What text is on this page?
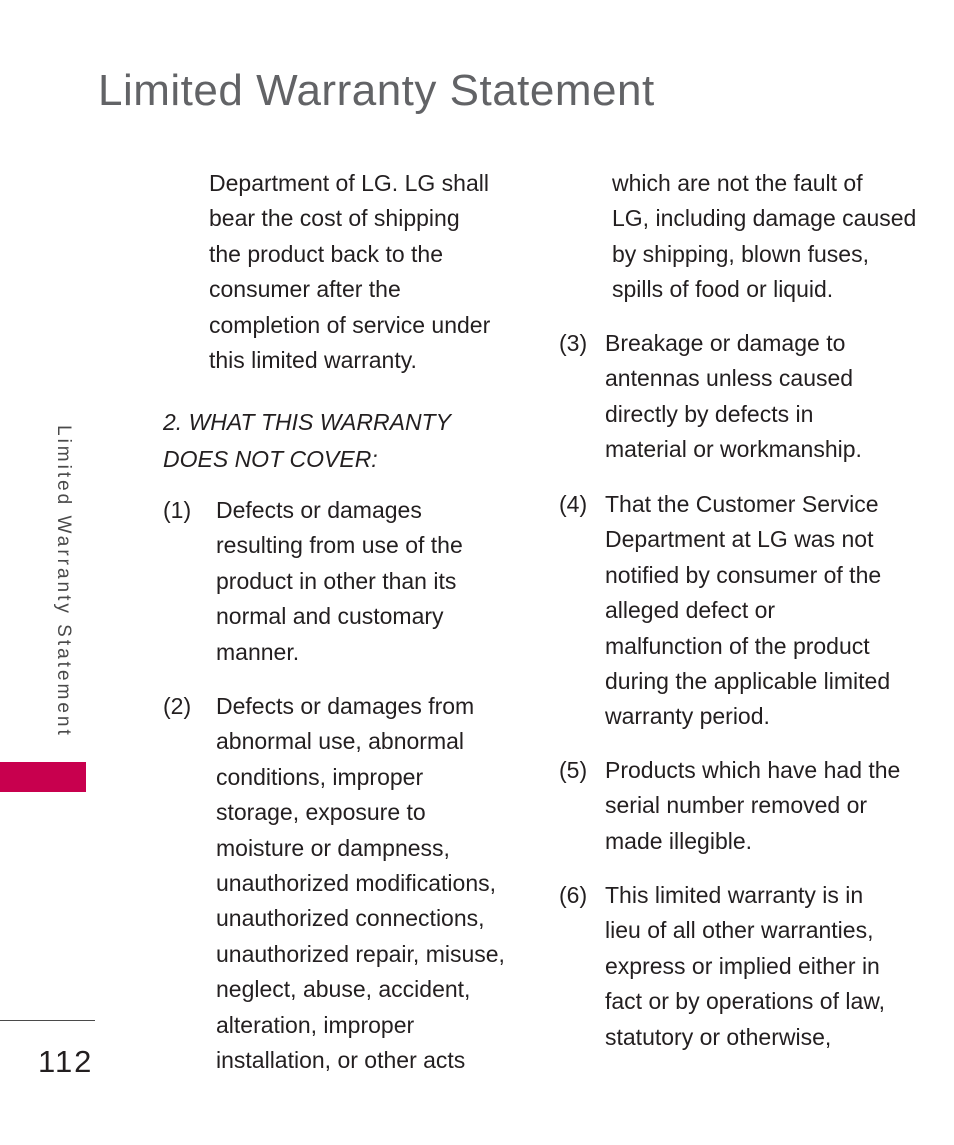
Limited Warranty Statement
Limited Warranty Statement
112
Department of LG. LG shall
bear the cost of shipping
the product back to the
consumer after the
completion of service under
this limited warranty.
2. WHAT THIS WARRANTY
DOES NOT COVER:
(1) Defects or damages
resulting from use of the
product in other than its
normal and customary
manner.
(2) Defects or damages from
abnormal use, abnormal
conditions, improper
storage, exposure to
moisture or dampness,
unauthorized modifications,
unauthorized connections,
unauthorized repair, misuse,
neglect, abuse, accident,
alteration, improper
installation, or other acts
which are not the fault of
LG, including damage caused
by shipping, blown fuses,
spills of food or liquid.
(3) Breakage or damage to
antennas unless caused
directly by defects in
material or workmanship.
(4) That the Customer Service
Department at LG was not
notified by consumer of the
alleged defect or
malfunction of the product
during the applicable limited
warranty period.
(5) Products which have had the
serial number removed or
made illegible.
(6) This limited warranty is in
lieu of all other warranties,
express or implied either in
fact or by operations of law,
statutory or otherwise,
